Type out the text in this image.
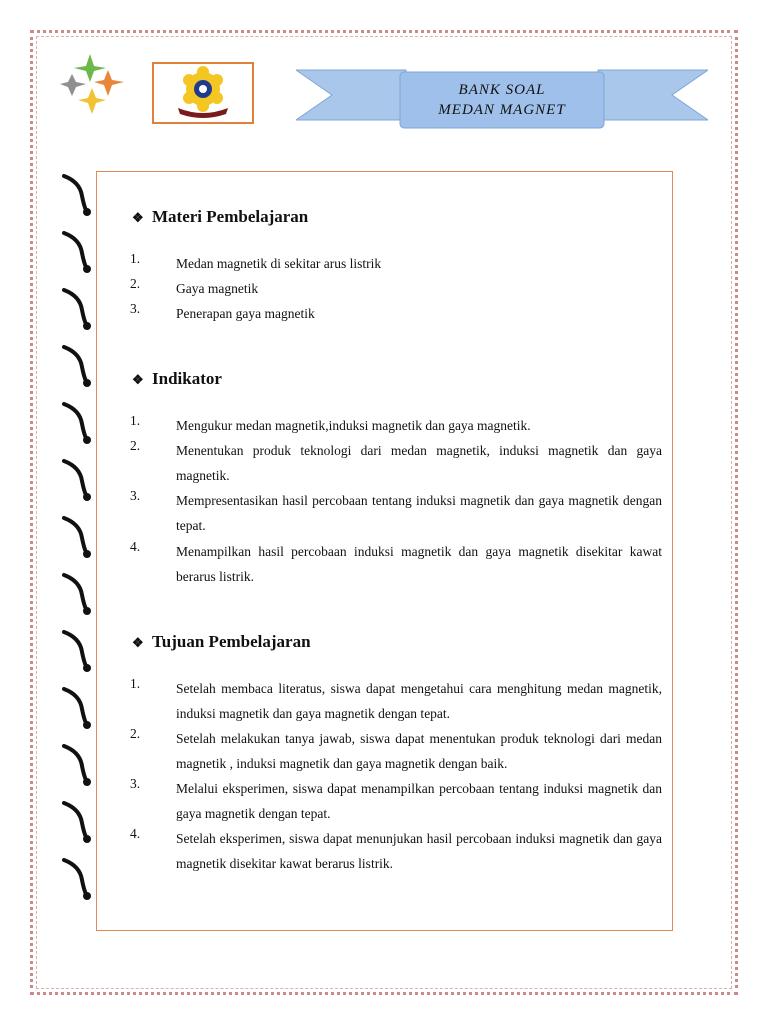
BANK SOAL
MEDAN MAGNET
❖ Materi Pembelajaran
1.	Medan magnetik di sekitar arus listrik
2.	Gaya magnetik
3.	Penerapan gaya magnetik
❖ Indikator
1.	Mengukur medan magnetik,induksi magnetik dan gaya magnetik.
2.	Menentukan produk teknologi dari medan magnetik, induksi magnetik dan gaya magnetik.
3.	Mempresentasikan hasil percobaan tentang induksi magnetik dan gaya magnetik dengan tepat.
4.	Menampilkan hasil percobaan induksi magnetik dan gaya magnetik disekitar kawat berarus listrik.
❖ Tujuan Pembelajaran
1.	Setelah membaca literatus, siswa dapat mengetahui cara menghitung medan magnetik, induksi magnetik dan gaya magnetik dengan tepat.
2.	Setelah melakukan tanya jawab, siswa dapat menentukan produk teknologi dari medan magnetik , induksi magnetik dan gaya magnetik dengan baik.
3.	Melalui eksperimen, siswa dapat menampilkan percobaan tentang induksi magnetik dan gaya magnetik dengan tepat.
4.	Setelah eksperimen, siswa dapat menunjukan hasil percobaan induksi magnetik dan gaya magnetik disekitar kawat berarus listrik.
